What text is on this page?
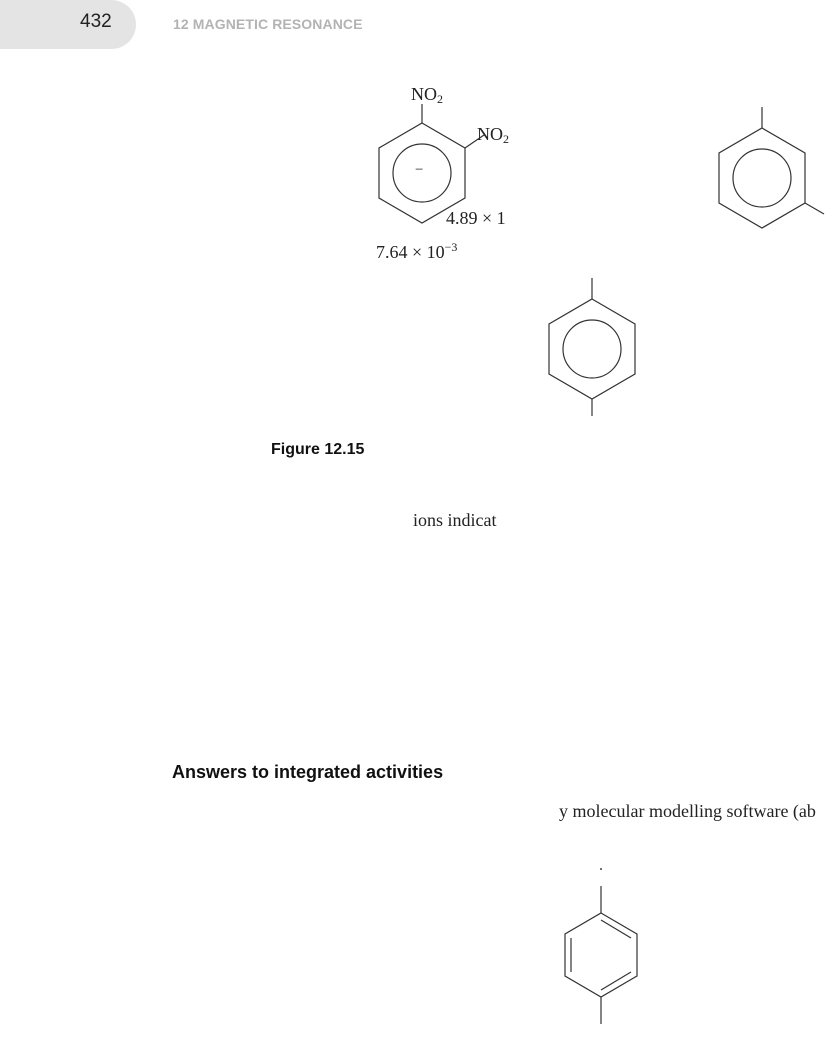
432	12 MAGNETIC RESONANCE
$NO_2$
$NO_2$
−
4.89 × 1
$7.64 \times 10^{-3}$
Figure 12.15
ions indicat
Answers to integrated activities
y molecular modelling software (ab
